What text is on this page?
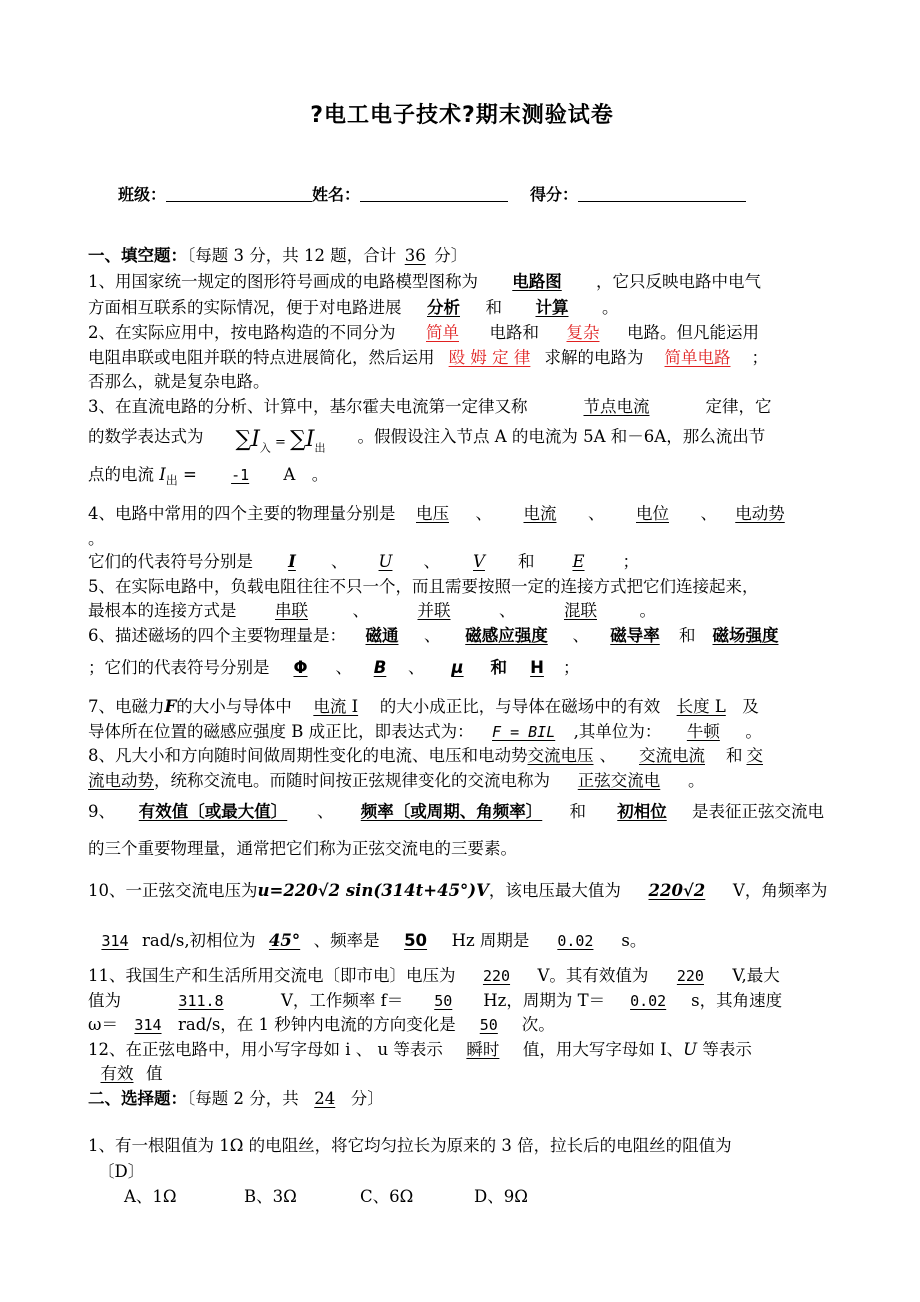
?电工电子技术?期末测验试卷
班级：	姓名：	得分：
一、填空题：〔每题 3 分，共 12 题，合计 36 分〕
1、用国家统一规定的图形符号画成的电路模型图称为 电路图 ，它只反映电路中电气
方面相互联系的实际情况，便于对电路进展 分析 和 计算 。
2、在实际应用中，按电路构造的不同分为 简单 电路和 复杂 电路。但凡能运用
电阻串联或电阻并联的特点进展简化，然后运用 殴 姆 定 律 求解的电路为 简单电路 ；
否那么，就是复杂电路。
3、在直流电路的分析、计算中，基尔霍夫电流第一定律又称	节点电流	定律，它
的数学表达式为 $\sum I_入 = \sum I_出$。假假设注入节点 A 的电流为 5A 和－6A，那么流出节
点的电流 $I_出 = -1$ A　。
4、电路中常用的四个主要的物理量分别是 电压 、 电流 、 电位 、 电动势
。
它们的代表符号分别是 I 、 U 、 V 和 E ；
5、在实际电路中，负载电阻往往不只一个，而且需要按照一定的连接方式把它们连接起来，
最根本的连接方式是 串联	、	并联	、	混联	。
6、描述磁场的四个主要物理量是： 磁通 、 磁感应强度 、 磁导率 和 磁场强度
；它们的代表符号分别是 Φ 、 B 、 μ 和 H ；
7、电磁力F的大小与导体中 电流 I 的大小成正比，与导体在磁场中的有效 长度 L 及
导体所在位置的磁感应强度 B 成正比，即表达式为： F = BIL ,其单位为： 牛顿 。
8、凡大小和方向随时间做周期性变化的电流、电压和电动势交流电压 、 交流电流 和 交
流电动势，统称交流电。而随时间按正弦规律变化的交流电称为 正弦交流电 。
9、 有效值〔或最大值〕 、 频率〔或周期、角频率〕 和 初相位 是表征正弦交流电
的三个重要物理量，通常把它们称为正弦交流电的三要素。
10、一正弦交流电压为u=220√2 sin(314t+45°)V，该电压最大值为 220√2 V，角频率为
314 rad/s,初相位为 45° 、频率是 50 Hz 周期是 0.02 s。
11、我国生产和生活所用交流电〔即市电〕电压为 220 V。其有效值为 220 V,最大
值为	311.8	V，工作频率 f＝ 50 Hz，周期为 T＝ 0.02 s，其角速度
ω＝ 314 rad/s，在 1 秒钟内电流的方向变化是 50 次。
12、在正弦电路中，用小写字母如 i 、 u 等表示 瞬时 值，用大写字母如 I、U 等表示
有效 值
二、选择题：〔每题 2 分，共 24 分〕
1、有一根阻值为 1Ω 的电阻丝，将它均匀拉长为原来的 3 倍，拉长后的电阻丝的阻值为
〔D〕
A、1Ω	B、3Ω	C、6Ω	D、9Ω
